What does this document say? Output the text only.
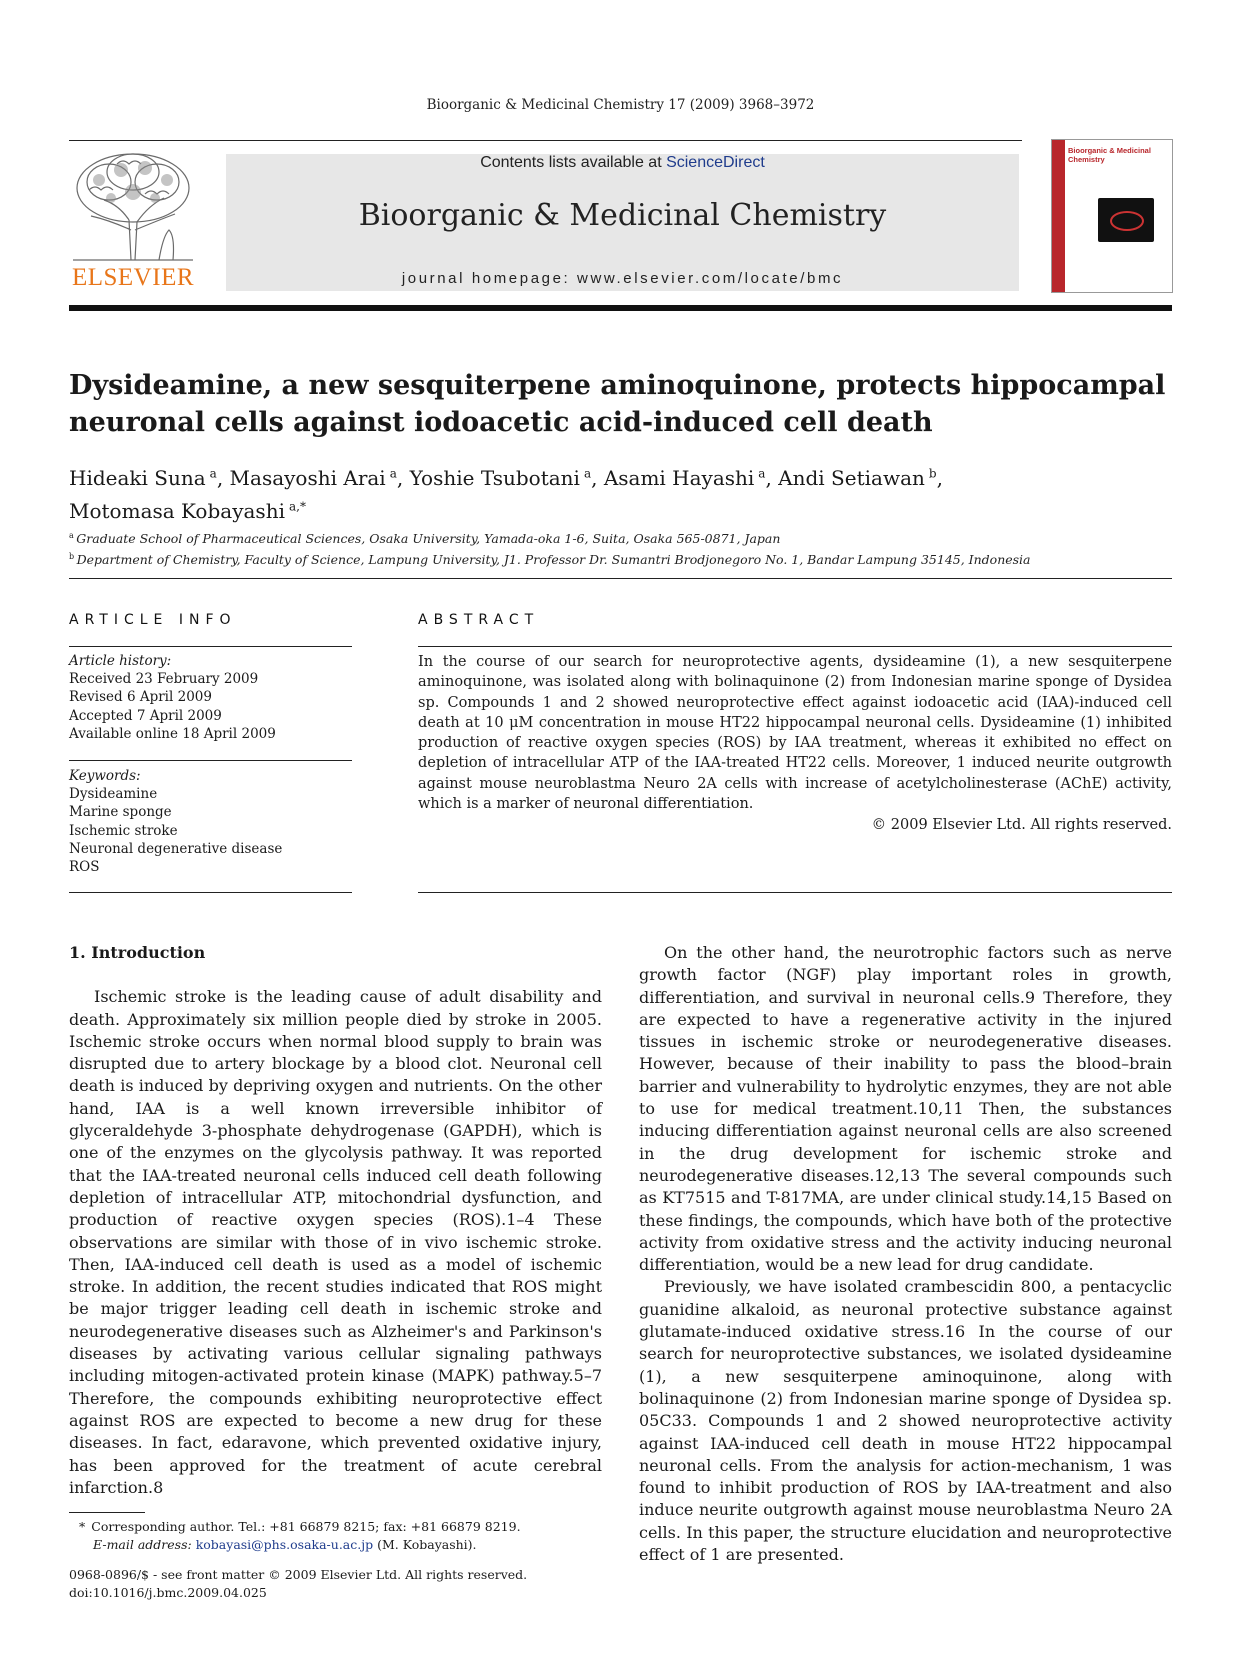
Bioorganic & Medicinal Chemistry 17 (2009) 3968–3972
ELSEVIER
Contents lists available at ScienceDirect
Bioorganic & Medicinal Chemistry
journal homepage: www.elsevier.com/locate/bmc
Bioorganic & Medicinal Chemistry
Dysideamine, a new sesquiterpene aminoquinone, protects hippocampal
neuronal cells against iodoacetic acid-induced cell death
Hideaki Suna  $^a$, Masayoshi Arai  $^a$, Yoshie Tsubotani  $^a$, Asami Hayashi  $^a$, Andi Setiawan  $^b$,
Motomasa Kobayashi  $^{a,*}$
$^a$  Graduate School of Pharmaceutical Sciences, Osaka University, Yamada-oka 1-6, Suita, Osaka 565-0871, Japan
$^b$  Department of Chemistry, Faculty of Science, Lampung University, J1. Professor Dr. Sumantri Brodjonegoro No. 1, Bandar Lampung 35145, Indonesia
ARTICLE INFO	ABSTRACT
Article history:
Received 23 February 2009
Revised 6 April 2009
Accepted 7 April 2009
Available online 18 April 2009
Keywords:
Dysideamine
Marine sponge
Ischemic stroke
Neuronal degenerative disease
ROS
In the course of our search for neuroprotective agents, dysideamine (1), a new sesquiterpene aminoquinone, was isolated along with bolinaquinone (2) from Indonesian marine sponge of Dysidea sp. Compounds 1 and 2 showed neuroprotective effect against iodoacetic acid (IAA)-induced cell death at 10 μM concentration in mouse HT22 hippocampal neuronal cells. Dysideamine (1) inhibited production of reactive oxygen species (ROS) by IAA treatment, whereas it exhibited no effect on depletion of intracellular ATP of the IAA-treated HT22 cells. Moreover, 1 induced neurite outgrowth against mouse neuroblastma Neuro 2A cells with increase of acetylcholinesterase (AChE) activity, which is a marker of neuronal differentiation.
© 2009 Elsevier Ltd. All rights reserved.
1. Introduction

Ischemic stroke is the leading cause of adult disability and death. Approximately six million people died by stroke in 2005. Ischemic stroke occurs when normal blood supply to brain was disrupted due to artery blockage by a blood clot. Neuronal cell death is induced by depriving oxygen and nutrients. On the other hand, IAA is a well known irreversible inhibitor of glyceraldehyde 3-phosphate dehydrogenase (GAPDH), which is one of the enzymes on the glycolysis pathway. It was reported that the IAA-treated neuronal cells induced cell death following depletion of intracellular ATP, mitochondrial dysfunction, and production of reactive oxygen species (ROS).1–4 These observations are similar with those of in vivo ischemic stroke. Then, IAA-induced cell death is used as a model of ischemic stroke. In addition, the recent studies indicated that ROS might be major trigger leading cell death in ischemic stroke and neurodegenerative diseases such as Alzheimer's and Parkinson's diseases by activating various cellular signaling pathways including mitogen-activated protein kinase (MAPK) pathway.5–7 Therefore, the compounds exhibiting neuroprotective effect against ROS are expected to become a new drug for these diseases. In fact, edaravone, which prevented oxidative injury, has been approved for the treatment of acute cerebral infarction.8

On the other hand, the neurotrophic factors such as nerve growth factor (NGF) play important roles in growth, differentiation, and survival in neuronal cells.9 Therefore, they are expected to have a regenerative activity in the injured tissues in ischemic stroke or neurodegenerative diseases. However, because of their inability to pass the blood–brain barrier and vulnerability to hydrolytic enzymes, they are not able to use for medical treatment.10,11 Then, the substances inducing differentiation against neuronal cells are also screened in the drug development for ischemic stroke and neurodegenerative diseases.12,13 The several compounds such as KT7515 and T-817MA, are under clinical study.14,15 Based on these findings, the compounds, which have both of the protective activity from oxidative stress and the activity inducing neuronal differentiation, would be a new lead for drug candidate.

Previously, we have isolated crambescidin 800, a pentacyclic guanidine alkaloid, as neuronal protective substance against glutamate-induced oxidative stress.16 In the course of our search for neuroprotective substances, we isolated dysideamine (1), a new sesquiterpene aminoquinone, along with bolinaquinone (2) from Indonesian marine sponge of Dysidea sp. 05C33. Compounds 1 and 2 showed neuroprotective activity against IAA-induced cell death in mouse HT22 hippocampal neuronal cells. From the analysis for action-mechanism, 1 was found to inhibit production of ROS by IAA-treatment and also induce neurite outgrowth against mouse neuroblastma Neuro 2A cells. In this paper, the structure elucidation and neuroprotective effect of 1 are presented.

* Corresponding author. Tel.: +81 66879 8215; fax: +81 66879 8219.
E-mail address: kobayasi@phs.osaka-u.ac.jp (M. Kobayashi).
0968-0896/$ - see front matter © 2009 Elsevier Ltd. All rights reserved.
doi:10.1016/j.bmc.2009.04.025
